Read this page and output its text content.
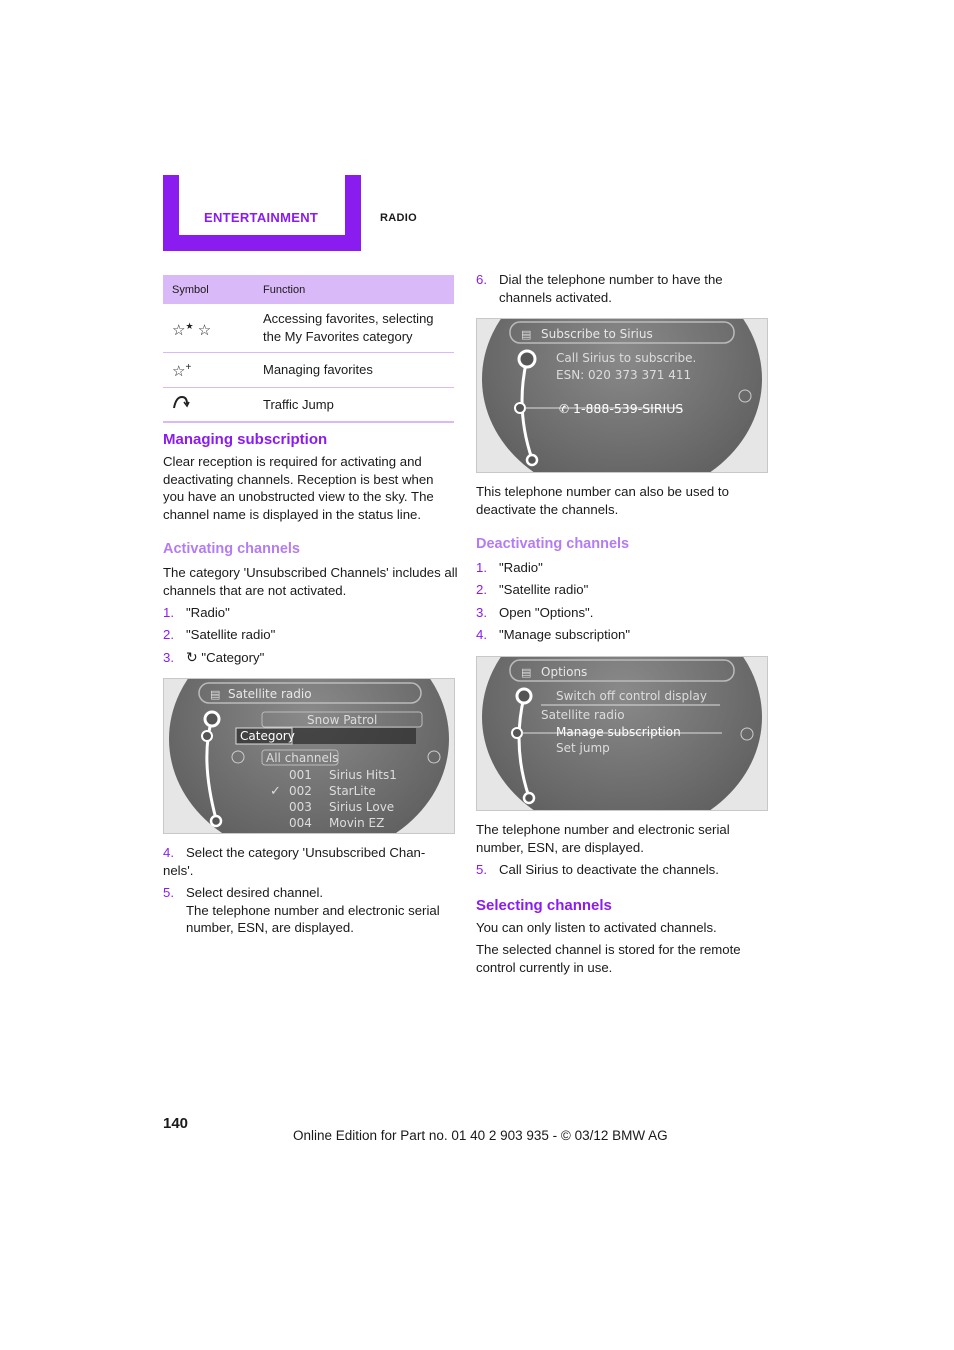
ENTERTAINMENT	RADIO
Symbol	Function
☆★ ☆	Accessing favorites, selecting the My Favorites category
☆+	Managing favorites
	Traffic Jump
Managing subscription
Clear reception is required for activating and deactivating channels. Reception is best when you have an unobstructed view to the sky. The channel name is displayed in the status line.
Activating channels
The category 'Unsubscribed Channels' includes all channels that are not activated.
1. "Radio"
2. "Satellite radio"
3. ↻ "Category"
▤ Satellite radio
Category
Snow Patrol
All channels
001 Sirius Hits1
✓ 002 StarLite
003 Sirius Love
004 Movin EZ
4. Select the category 'Unsubscribed Chan-nels'.
5. Select desired channel.
The telephone number and electronic serial number, ESN, are displayed.
6. Dial the telephone number to have the channels activated.
▤ Subscribe to Sirius
Call Sirius to subscribe.
ESN: 020 373 371 411
✆ 1-888-539-SIRIUS
This telephone number can also be used to deactivate the channels.
Deactivating channels
1. "Radio"
2. "Satellite radio"
3. Open "Options".
4. "Manage subscription"
▤ Options
Switch off control display
Satellite radio
Manage subscription
Set jump
The telephone number and electronic serial number, ESN, are displayed.
5. Call Sirius to deactivate the channels.
Selecting channels
You can only listen to activated channels.
The selected channel is stored for the remote control currently in use.
140
Online Edition for Part no. 01 40 2 903 935 - © 03/12 BMW AG
